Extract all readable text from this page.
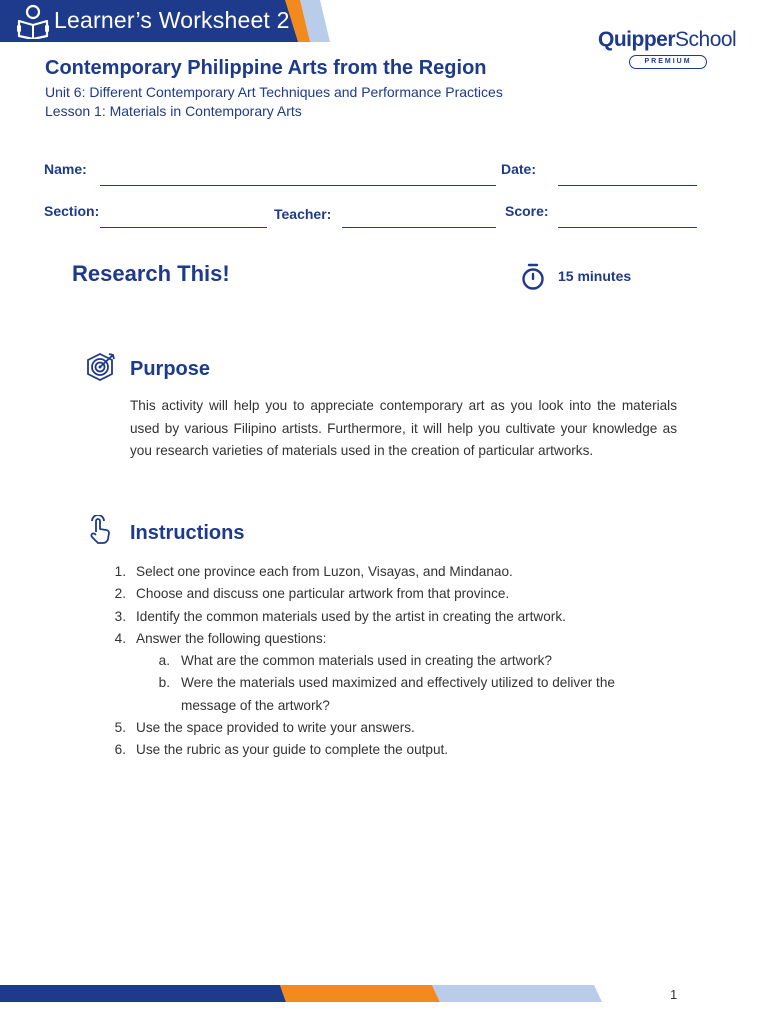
Learner’s Worksheet 2
QuipperSchool
PREMIUM
Contemporary Philippine Arts from the Region
Unit 6: Different Contemporary Art Techniques and Performance Practices
Lesson 1: Materials in Contemporary Arts
Name:	Date:
Section:	Teacher:	Score:
Research This!	15 minutes
Purpose
This activity will help you to appreciate contemporary art as you look into the materials used by various Filipino artists. Furthermore, it will help you cultivate your knowledge as you research varieties of materials used in the creation of particular artworks.
Instructions
1. Select one province each from Luzon, Visayas, and Mindanao.
2. Choose and discuss one particular artwork from that province.
3. Identify the common materials used by the artist in creating the artwork.
4. Answer the following questions:
a. What are the common materials used in creating the artwork?
b. Were the materials used maximized and effectively utilized to deliver the
message of the artwork?
5. Use the space provided to write your answers.
6. Use the rubric as your guide to complete the output.
1
